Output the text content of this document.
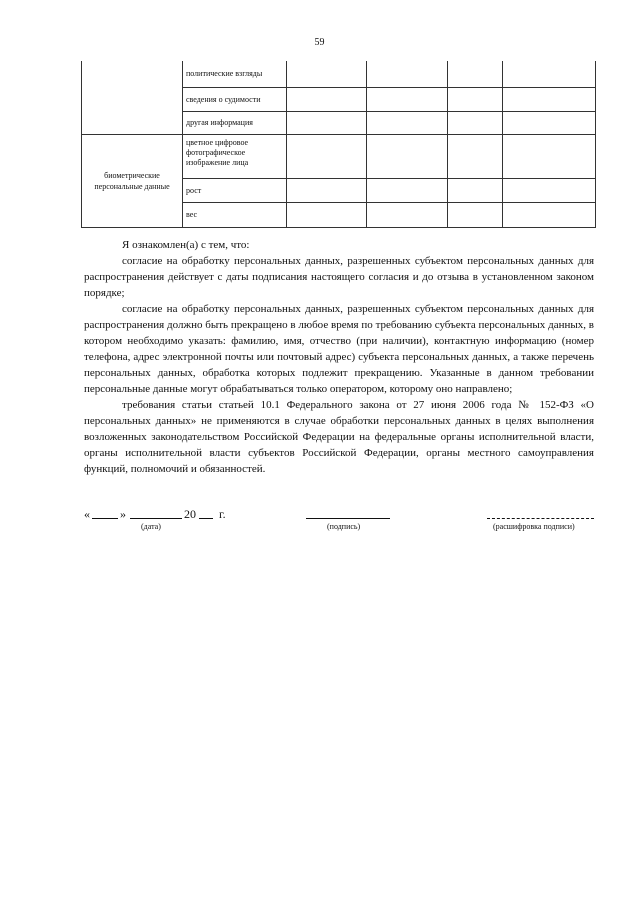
59
	политические взгляды				
	сведения о судимости				
	другая информация				
биометрические персональные данные	цветное цифровое фотографическое изображение лица				
	рост				
	вес				

Я ознакомлен(а) с тем, что:

согласие на обработку персональных данных, разрешенных субъектом персональных данных для распространения действует с даты подписания настоящего согласия и до отзыва в установленном законом порядке;

согласие на обработку персональных данных, разрешенных субъектом персональных данных для распространения должно быть прекращено в любое время по требованию субъекта персональных данных, в котором необходимо указать: фамилию, имя, отчество (при наличии), контактную информацию (номер телефона, адрес электронной почты или почтовый адрес) субъекта персональных данных, а также перечень персональных данных, обработка которых подлежит прекращению. Указанные в данном требовании персональные данные могут обрабатываться только оператором, которому оно направлено;

требования статьи статьей 10.1 Федерального закона от 27 июня 2006 года № 152-ФЗ «О персональных данных» не применяются в случае обработки персональных данных в целях выполнения возложенных законодательством Российской Федерации на федеральные органы исполнительной власти, органы исполнительной власти субъектов Российской Федерации, органы местного самоуправления функций, полномочий и обязанностей.

«	»	20 г.
(дата)	(подпись)	(расшифровка подписи)
